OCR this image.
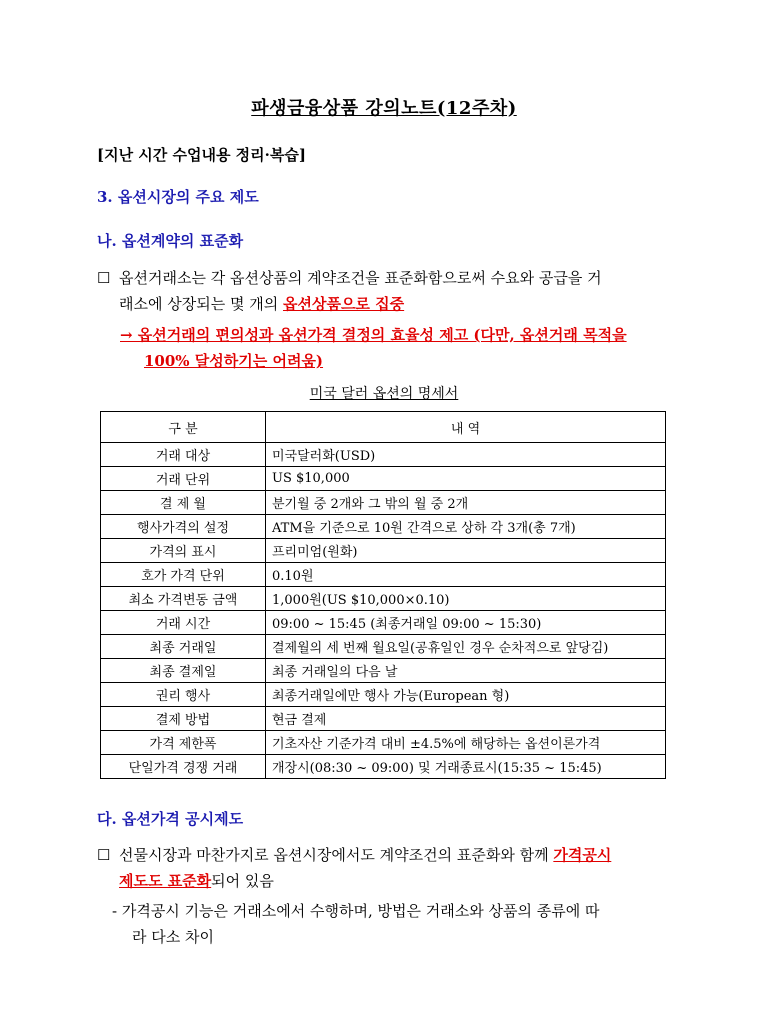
파생금융상품 강의노트(12주차)
[지난 시간 수업내용 정리·복습]
3. 옵션시장의 주요 제도
나. 옵션계약의 표준화
☐ 옵션거래소는 각 옵션상품의 계약조건을 표준화함으로써 수요와 공급을 거
래소에 상장되는 몇 개의 옵션상품으로 집중
→ 옵션거래의 편의성과 옵션가격 결정의 효율성 제고 (다만, 옵션거래 목적을
100% 달성하기는 어려움)
미국 달러 옵션의 명세서
구 분	내 역
거래 대상	미국달러화(USD)
거래 단위	US $10,000
결 제 월	분기월 중 2개와 그 밖의 월 중 2개
행사가격의 설정	ATM을 기준으로 10원 간격으로 상하 각 3개(총 7개)
가격의 표시	프리미엄(원화)
호가 가격 단위	0.10원
최소 가격변동 금액	1,000원(US $10,000×0.10)
거래 시간	09:00 ~ 15:45 (최종거래일 09:00 ~ 15:30)
최종 거래일	결제월의 세 번째 월요일(공휴일인 경우 순차적으로 앞당김)
최종 결제일	최종 거래일의 다음 날
권리 행사	최종거래일에만 행사 가능(European 형)
결제 방법	현금 결제
가격 제한폭	기초자산 기준가격 대비 ±4.5%에 해당하는 옵션이론가격
단일가격 경쟁 거래	개장시(08:30 ~ 09:00) 및 거래종료시(15:35 ~ 15:45)
다. 옵션가격 공시제도
☐ 선물시장과 마찬가지로 옵션시장에서도 계약조건의 표준화와 함께 가격공시
제도도 표준화되어 있음
- 가격공시 기능은 거래소에서 수행하며, 방법은 거래소와 상품의 종류에 따
라 다소 차이
